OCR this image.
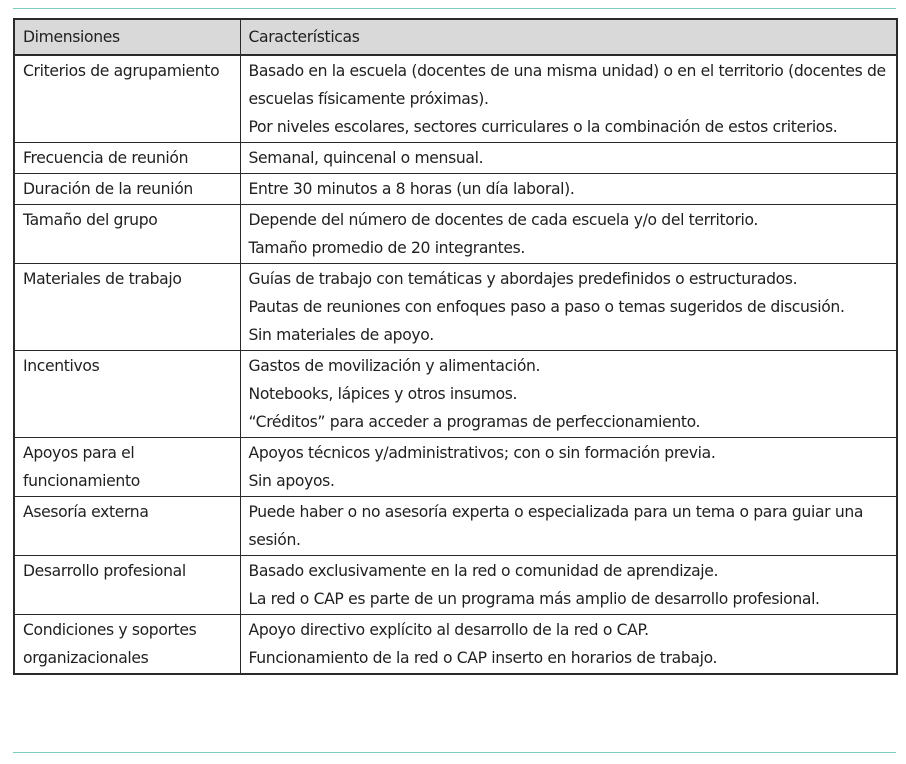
Dimensiones	Características
Criterios de agrupamiento	Basado en la escuela (docentes de una misma unidad) o en el territorio (docentes de escuelas físicamente próximas).
Por niveles escolares, sectores curriculares o la combinación de estos criterios.

Frecuencia de reunión	Semanal, quincenal o mensual.

Duración de la reunión	Entre 30 minutos a 8 horas (un día laboral).

Tamaño del grupo	Depende del número de docentes de cada escuela y/o del territorio.
Tamaño promedio de 20 integrantes.

Materiales de trabajo	Guías de trabajo con temáticas y abordajes predefinidos o estructurados.
Pautas de reuniones con enfoques paso a paso o temas sugeridos de discusión.
Sin materiales de apoyo.

Incentivos	Gastos de movilización y alimentación.
Notebooks, lápices y otros insumos.
“Créditos” para acceder a programas de perfeccionamiento.

Apoyos para el funcionamiento	Apoyos técnicos y/administrativos; con o sin formación previa.
Sin apoyos.

Asesoría externa	Puede haber o no asesoría experta o especializada para un tema o para guiar una sesión.

Desarrollo profesional	Basado exclusivamente en la red o comunidad de aprendizaje.
La red o CAP es parte de un programa más amplio de desarrollo profesional.

Condiciones y soportes organizacionales	Apoyo directivo explícito al desarrollo de la red o CAP.
Funcionamiento de la red o CAP inserto en horarios de trabajo.
